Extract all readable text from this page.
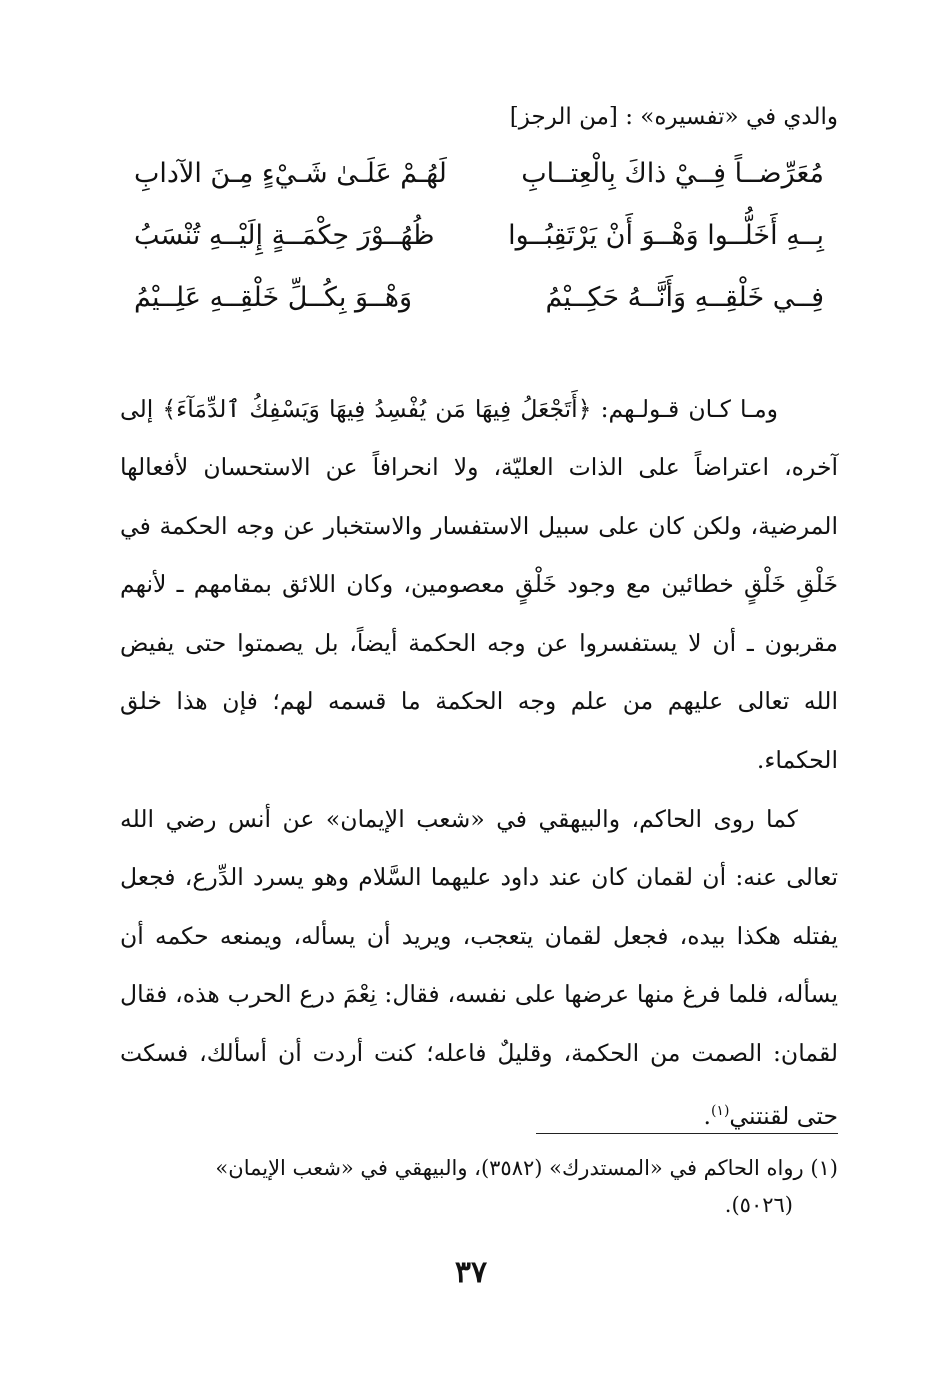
والدي في «تفسيره» : [من الرجز]
مُعَرِّضــاً فِــيْ ذاكَ بِالْعِتــابِ
لَهُـمْ عَلَـىٰ شَـيْءٍ مِـنَ الآدابِ
بِــهِ أَخَلُّــوا وَهْــوَ أَنْ يَرْتَقِبُــوا
ظُهُــوْرَ حِكْمَــةٍ إِلَيْــهِ تُنْسَبُ
فِــي خَلْقِــهِ وَأَنَّــهُ حَكِــيْمُ
وَهْــوَ بِكُــلِّ خَلْقِــهِ عَلِــيْمُ

ومـا كـان قـولـهم: ﴿أَتَجْعَلُ فِيهَا مَن يُفْسِدُ فِيهَا وَيَسْفِكُ ٱلدِّمَآءَ﴾ إلى آخره، اعتراضاً على الذات العليّة، ولا انحرافاً عن الاستحسان لأفعالها المرضية، ولكن كان على سبيل الاستفسار والاستخبار عن وجه الحكمة في خَلْقِ خَلْقٍ خطائين مع وجود خَلْقٍ معصومين، وكان اللائق بمقامهم ـ لأنهم مقربون ـ أن لا يستفسروا عن وجه الحكمة أيضاً، بل يصمتوا حتى يفيض الله تعالى عليهم من علم وجه الحكمة ما قسمه لهم؛ فإن هذا خلق الحكماء.

كما روى الحاكم، والبيهقي في «شعب الإيمان» عن أنس رضي الله تعالى عنه: أن لقمان كان عند داود عليهما السَّلام وهو يسرد الدِّرع، فجعل يفتله هكذا بيده، فجعل لقمان يتعجب، ويريد أن يسأله، ويمنعه حكمه أن يسأله، فلما فرغ منها عرضها على نفسه، فقال: نِعْمَ درع الحرب هذه، فقال لقمان: الصمت من الحكمة، وقليلٌ فاعله؛ كنت أردت أن أسألك، فسكت حتى لقنتني$^{(١)}$.

(١) رواه الحاكم في «المستدرك» (٣٥٨٢)، والبيهقي في «شعب الإيمان»
(٥٠٢٦).
٣٧
